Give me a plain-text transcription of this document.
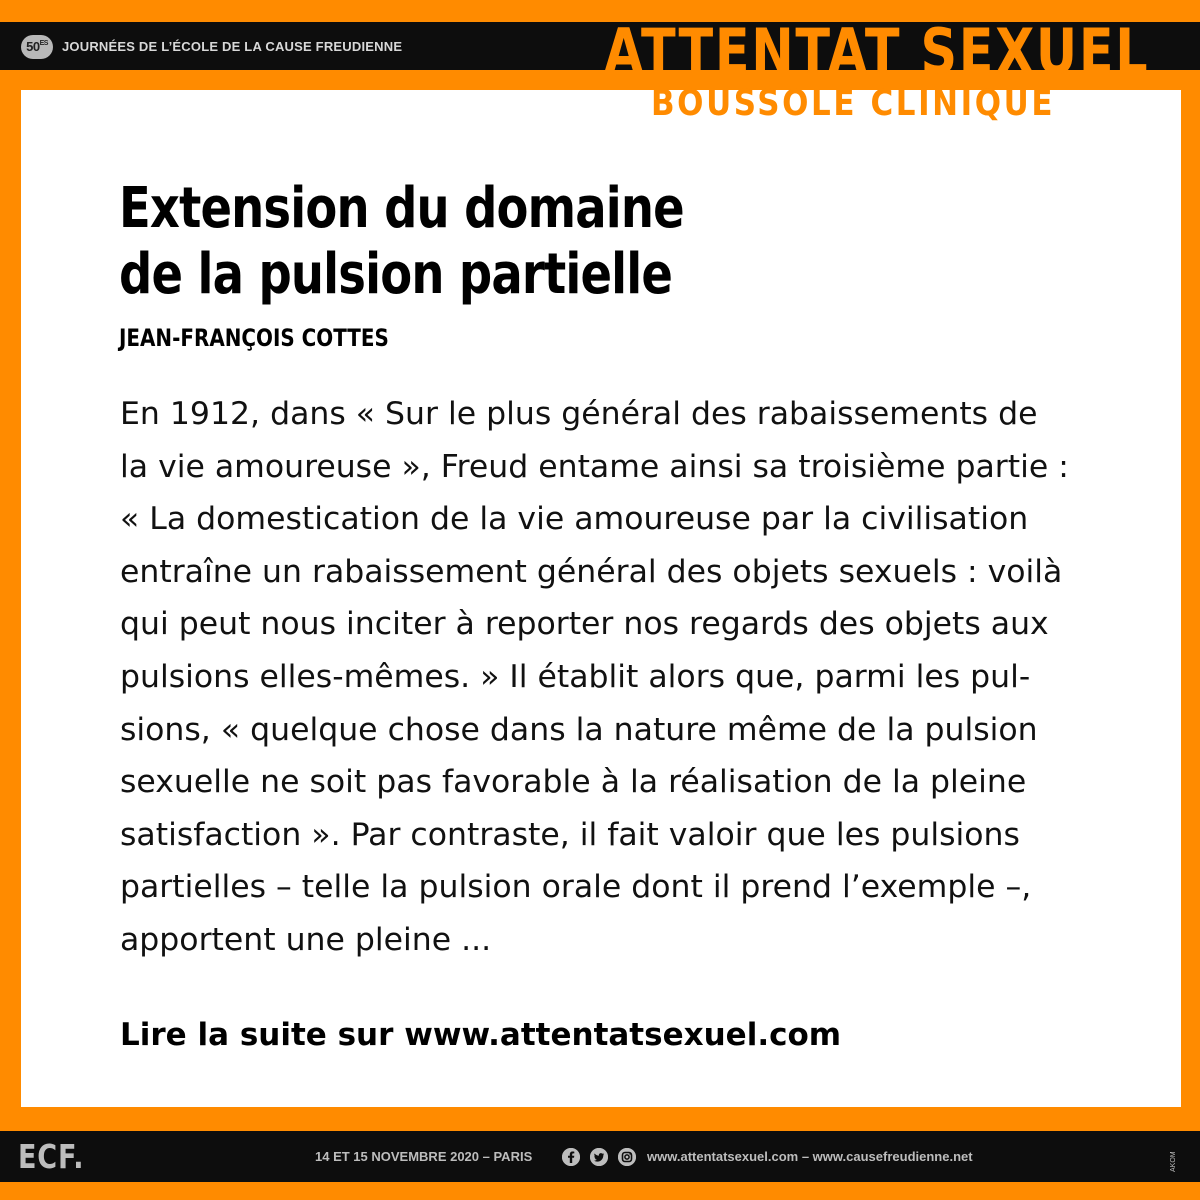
$50^{ES}$	JOURNÉES DE L’ÉCOLE DE LA CAUSE FREUDIENNE	ATTENTAT SEXUEL
BOUSSOLE CLINIQUE
Extension du domaine
de la pulsion partielle
JEAN-FRANÇOIS COTTES
En 1912, dans « Sur le plus général des rabaissements de
la vie amoureuse », Freud entame ainsi sa troisième partie :
« La domestication de la vie amoureuse par la civilisation
entraîne un rabaissement général des objets sexuels : voilà
qui peut nous inciter à reporter nos regards des objets aux
pulsions elles-mêmes. » Il établit alors que, parmi les pul-
sions, « quelque chose dans la nature même de la pulsion
sexuelle ne soit pas favorable à la réalisation de la pleine
satisfaction ». Par contraste, il fait valoir que les pulsions
partielles – telle la pulsion orale dont il prend l’exemple –,
apportent une pleine ...
Lire la suite sur www.attentatsexuel.com
ECF.	14 ET 15 NOVEMBRE 2020 – PARIS	www.attentatsexuel.com – www.causefreudienne.net	AKOM
